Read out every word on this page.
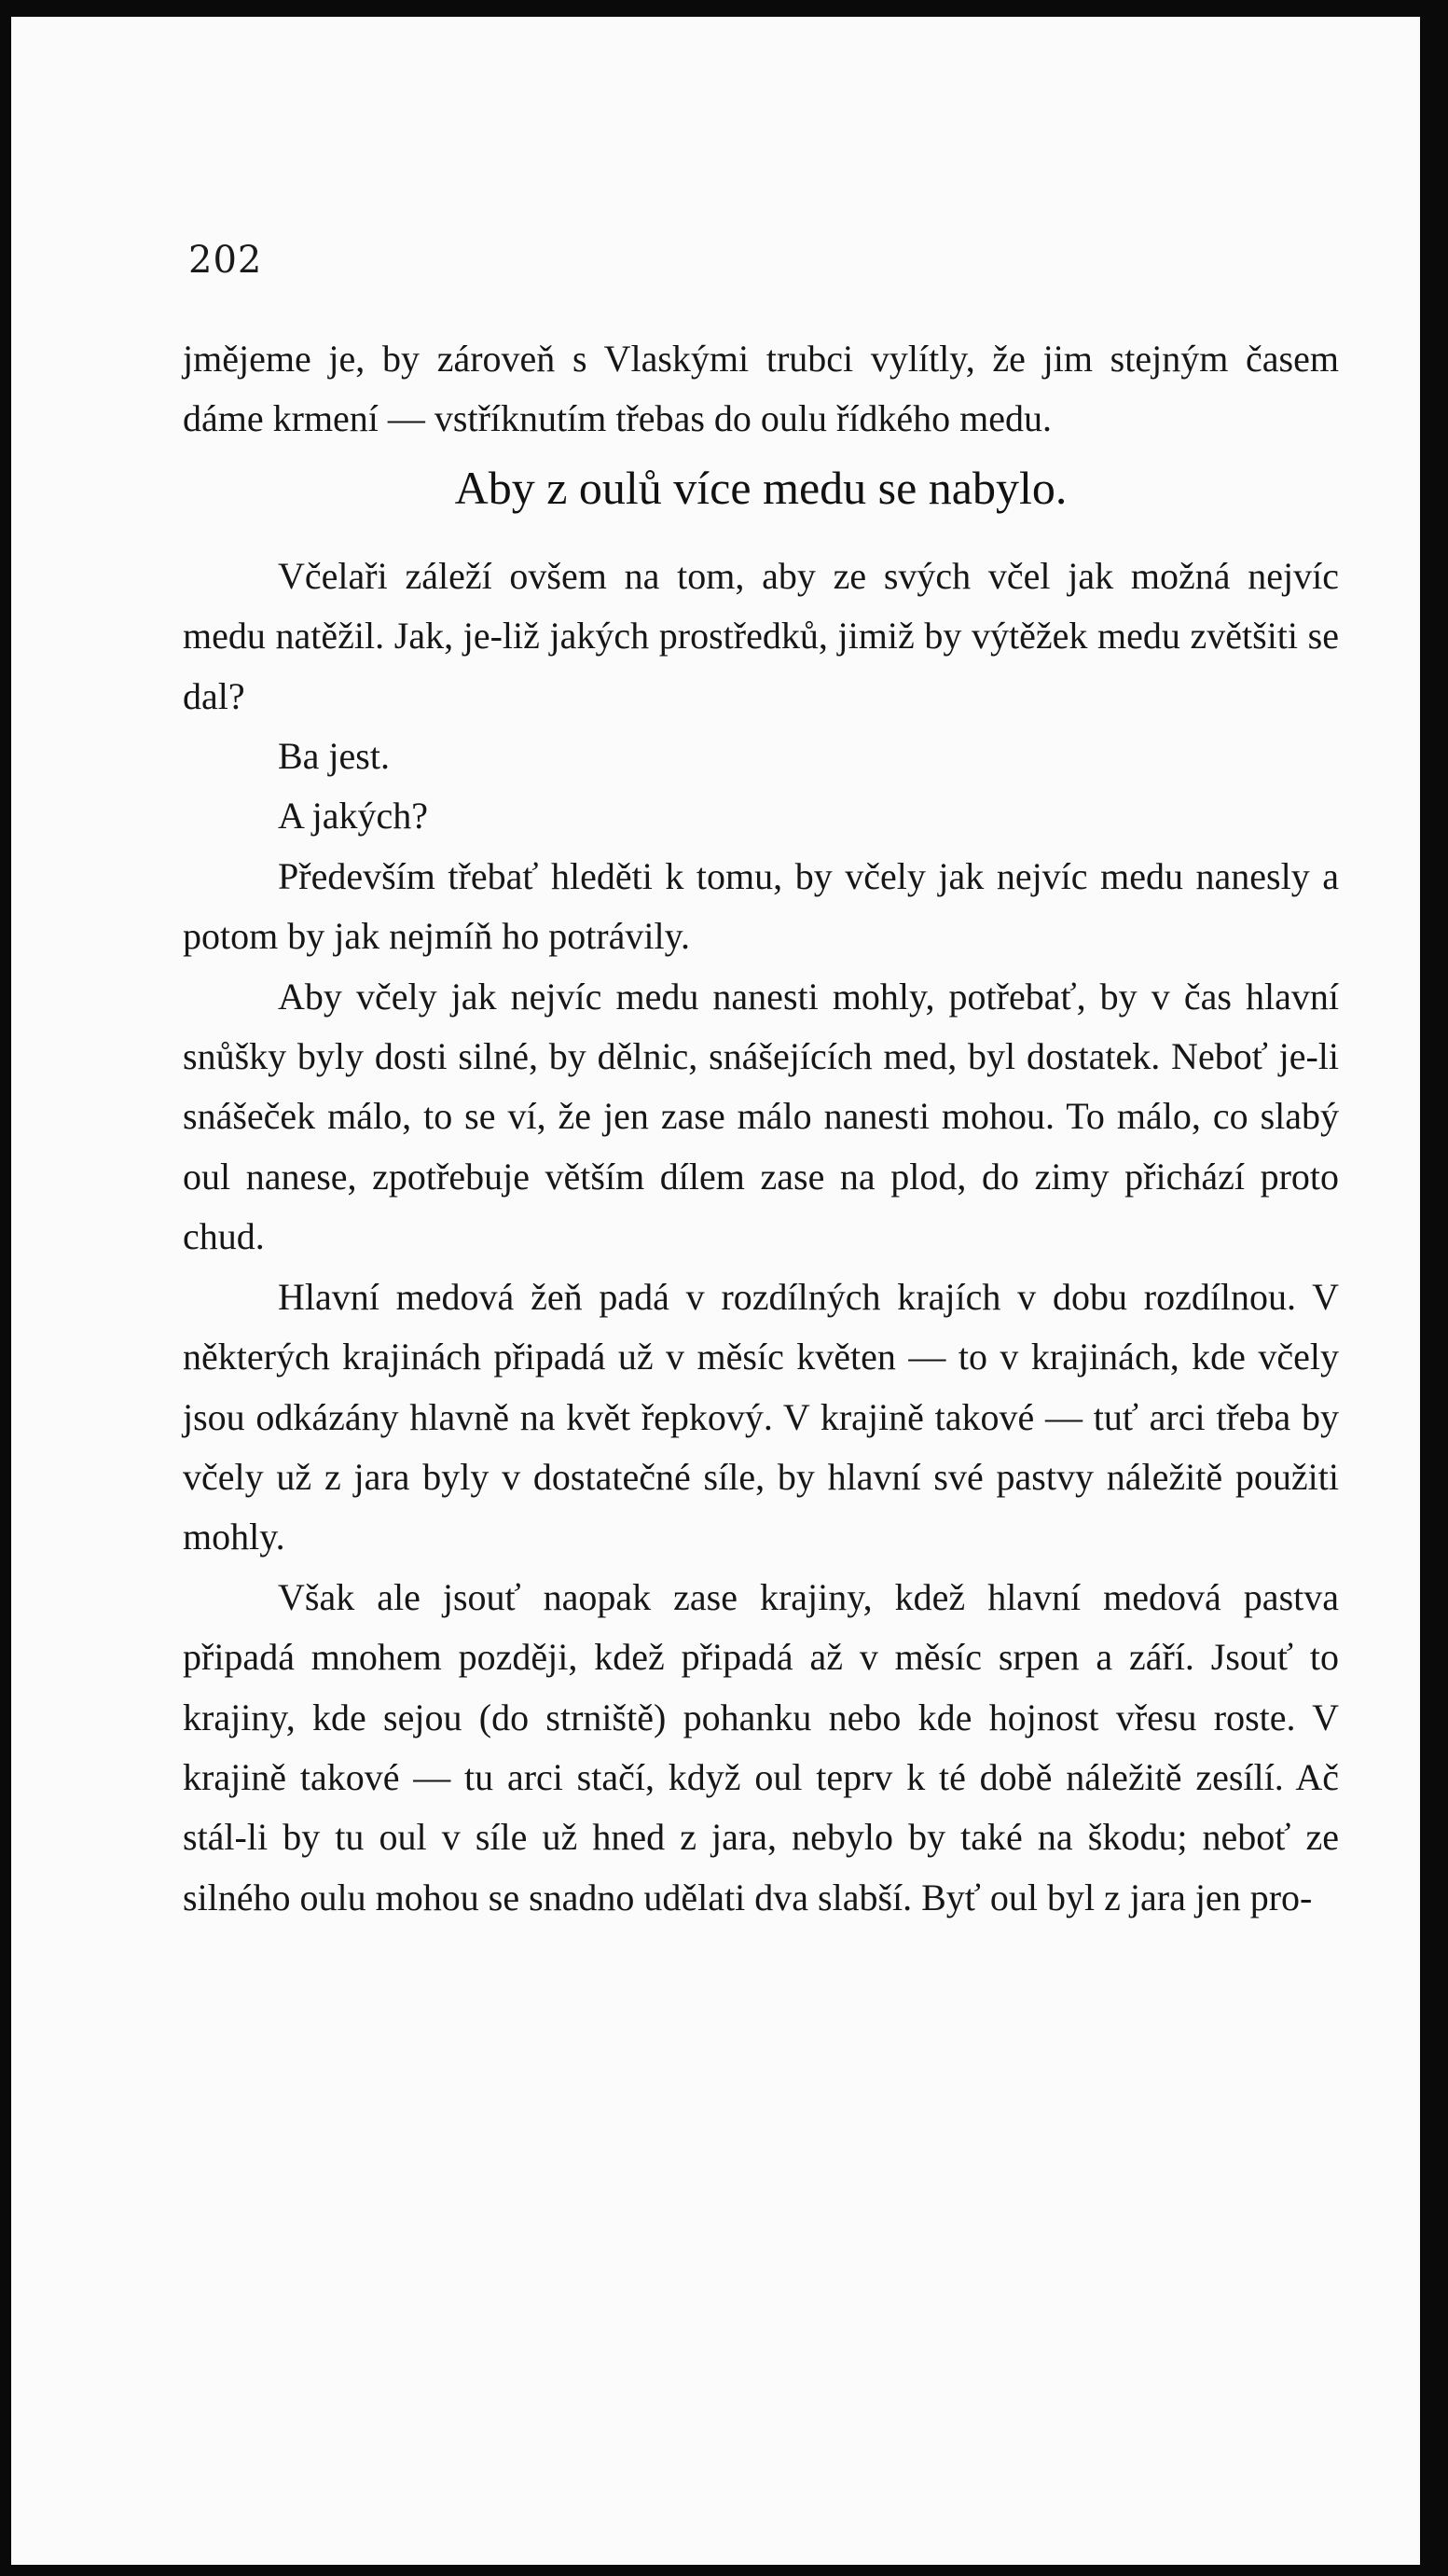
202

jmějeme je, by zároveň s Vlaskými trubci vylítly, že jim stejným časem dáme krmení — vstříknutím třebas do oulu řídkého medu.

Aby z oulů více medu se nabylo.

Včelaři záleží ovšem na tom, aby ze svých včel jak možná nejvíc medu natěžil. Jak, je-liž jakých prostředků, jimiž by výtěžek medu zvětšiti se dal?

Ba jest.

A jakých?

Především třebať hleděti k tomu, by včely jak nejvíc medu nanesly a potom by jak nejmíň ho potrávily.

Aby včely jak nejvíc medu nanesti mohly, potřebať, by v čas hlavní snůšky byly dosti silné, by dělnic, snášejících med, byl dostatek. Neboť je-li snášeček málo, to se ví, že jen zase málo nanesti mohou. To málo, co slabý oul nanese, zpotřebuje větším dílem zase na plod, do zimy přichází proto chud.

Hlavní medová žeň padá v rozdílných krajích v dobu rozdílnou. V některých krajinách připadá už v měsíc květen — to v krajinách, kde včely jsou odkázány hlavně na květ řepkový. V krajině takové — tuť arci třeba by včely už z jara byly v dostatečné síle, by hlavní své pastvy náležitě použiti mohly.

Však ale jsouť naopak zase krajiny, kdež hlavní medová pastva připadá mnohem později, kdež připadá až v měsíc srpen a září. Jsouť to krajiny, kde sejou (do strniště) pohanku nebo kde hojnost vřesu roste. V krajině takové — tu arci stačí, když oul teprv k té době náležitě zesílí. Ač stál-li by tu oul v síle už hned z jara, nebylo by také na škodu; neboť ze silného oulu mohou se snadno udělati dva slabší. Byť oul byl z jara jen pro-
